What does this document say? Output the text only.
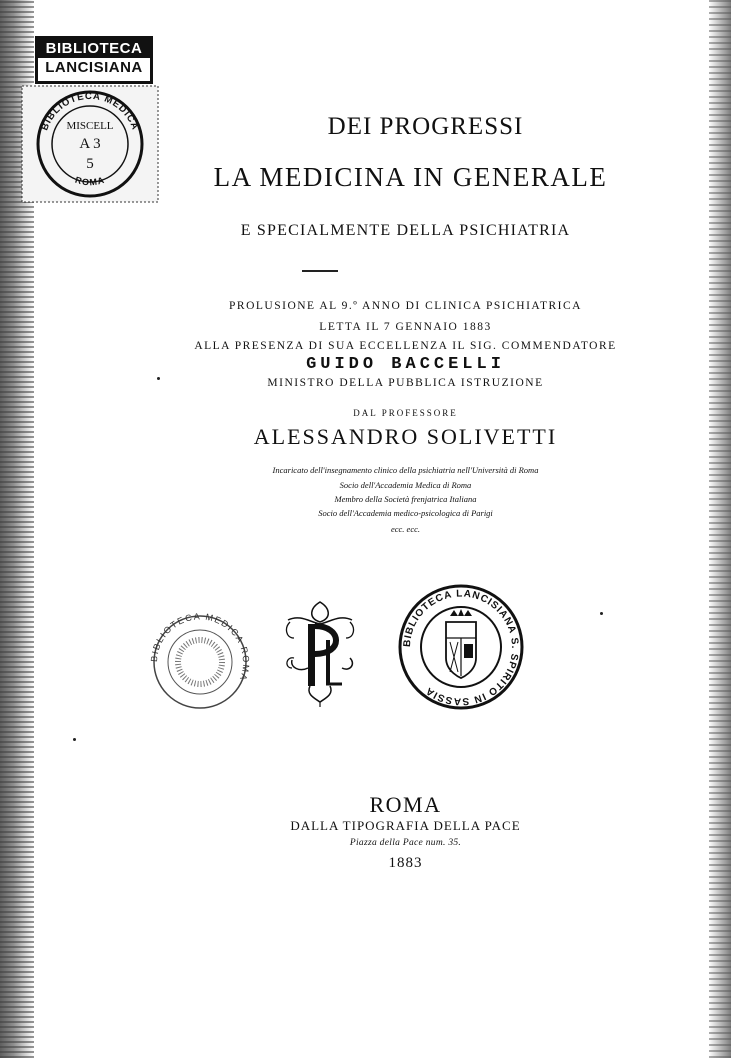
BIBLIOTECA
LANCISIANA
BIBLIOTECA MEDICA
ROMA
MISCELL
A 3
5
DEI PROGRESSI
LA MEDICINA IN GENERALE
E SPECIALMENTE DELLA PSICHIATRIA
PROLUSIONE AL 9.º ANNO DI CLINICA PSICHIATRICA
LETTA IL 7 GENNAIO 1883
ALLA PRESENZA DI SUA ECCELLENZA IL SIG. COMMENDATORE
GUIDO BACCELLI
MINISTRO DELLA PUBBLICA ISTRUZIONE
DAL PROFESSORE
ALESSANDRO SOLIVETTI
Incaricato dell'insegnamento clinico della psichiatria nell'Università di Roma
Socio dell'Accademia Medica di Roma
Membro della Società frenjatrica Italiana
Socio dell'Accademia medico-psicologica di Parigi
ecc. ecc.
BIBLIOTECA MEDICA ROMA
BIBLIOTECA LANCISIANA S. SPIRITO IN SASSIA
ROMA
DALLA TIPOGRAFIA DELLA PACE
Piazza della Pace num. 35.
1883
